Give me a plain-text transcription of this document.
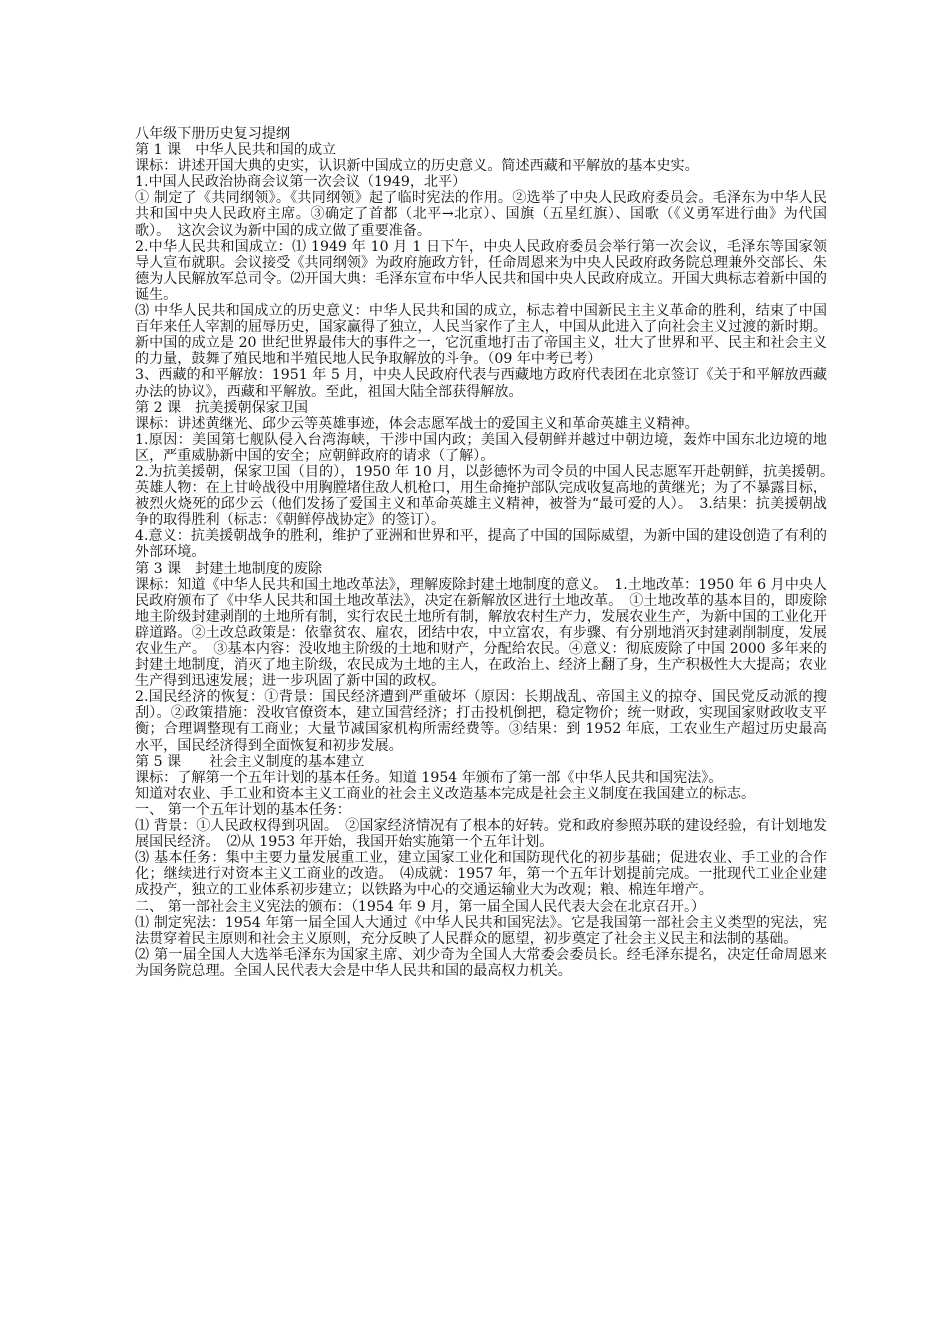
八年级下册历史复习提纲

第 1 课　中华人民共和国的成立

课标：讲述开国大典的史实，认识新中国成立的历史意义。简述西藏和平解放的基本史实。

1.中国人民政治协商会议第一次会议（1949，北平）

① 制定了《共同纲领》。《共同纲领》起了临时宪法的作用。②选举了中央人民政府委员会。毛泽东为中华人民共和国中央人民政府主席。③确定了首都（北平→北京）、国旗（五星红旗）、国歌（《义勇军进行曲》为代国歌）。　这次会议为新中国的成立做了重要准备。

2.中华人民共和国成立：⑴ 1949 年 10 月 1 日下午，中央人民政府委员会举行第一次会议，毛泽东等国家领导人宣布就职。会议接受《共同纲领》为政府施政方针，任命周恩来为中央人民政府政务院总理兼外交部长、朱德为人民解放军总司令。⑵开国大典：毛泽东宣布中华人民共和国中央人民政府成立。开国大典标志着新中国的诞生。

⑶ 中华人民共和国成立的历史意义：中华人民共和国的成立，标志着中国新民主主义革命的胜利，结束了中国百年来任人宰割的屈辱历史，国家赢得了独立，人民当家作了主人，中国从此进入了向社会主义过渡的新时期。新中国的成立是 20 世纪世界最伟大的事件之一，它沉重地打击了帝国主义，壮大了世界和平、民主和社会主义的力量，鼓舞了殖民地和半殖民地人民争取解放的斗争。（09 年中考已考）

3、西藏的和平解放：1951 年 5 月，中央人民政府代表与西藏地方政府代表团在北京签订《关于和平解放西藏办法的协议》，西藏和平解放。至此，祖国大陆全部获得解放。

第 2 课　抗美援朝保家卫国

课标：讲述黄继光、邱少云等英雄事迹，体会志愿军战士的爱国主义和革命英雄主义精神。

1.原因：美国第七舰队侵入台湾海峡，干涉中国内政；美国入侵朝鲜并越过中朝边境，轰炸中国东北边境的地区，严重威胁新中国的安全；应朝鲜政府的请求（了解）。

2.为抗美援朝，保家卫国（目的），1950 年 10 月，以彭德怀为司令员的中国人民志愿军开赴朝鲜，抗美援朝。　英雄人物：在上甘岭战役中用胸膛堵住敌人机枪口，用生命掩护部队完成收复高地的黄继光；为了不暴露目标，被烈火烧死的邱少云（他们发扬了爱国主义和革命英雄主义精神，被誉为“最可爱的人）。　3.结果：抗美援朝战争的取得胜利（标志：《朝鲜停战协定》的签订）。

4.意义：抗美援朝战争的胜利，维护了亚洲和世界和平，提高了中国的国际威望，为新中国的建设创造了有利的外部环境。

第 3 课　封建土地制度的废除

课标：知道《中华人民共和国土地改革法》，理解废除封建土地制度的意义。　1.土地改革：1950 年 6 月中央人民政府颁布了《中华人民共和国土地改革法》，决定在新解放区进行土地改革。　①土地改革的基本目的，即废除地主阶级封建剥削的土地所有制，实行农民土地所有制，解放农村生产力，发展农业生产，为新中国的工业化开辟道路。②土改总政策是：依靠贫农、雇农，团结中农，中立富农，有步骤、有分别地消灭封建剥削制度，发展农业生产。　③基本内容：没收地主阶级的土地和财产，分配给农民。④意义：彻底废除了中国 2000 多年来的封建土地制度，消灭了地主阶级，农民成为土地的主人，在政治上、经济上翻了身，生产积极性大大提高；农业生产得到迅速发展；进一步巩固了新中国的政权。

2.国民经济的恢复：①背景：国民经济遭到严重破坏（原因：长期战乱、帝国主义的掠夺、国民党反动派的搜刮）。②政策措施：没收官僚资本，建立国营经济；打击投机倒把，稳定物价；统一财政，实现国家财政收支平衡；合理调整现有工商业；大量节减国家机构所需经费等。③结果：到 1952 年底，工农业生产超过历史最高水平，国民经济得到全面恢复和初步发展。

第 5 课　　社会主义制度的基本建立

课标：了解第一个五年计划的基本任务。知道 1954 年颁布了第一部《中华人民共和国宪法》。

知道对农业、手工业和资本主义工商业的社会主义改造基本完成是社会主义制度在我国建立的标志。

一、 第一个五年计划的基本任务：

⑴ 背景：①人民政权得到巩固。　②国家经济情况有了根本的好转。党和政府参照苏联的建设经验，有计划地发展国民经济。　⑵从 1953 年开始，我国开始实施第一个五年计划。

⑶ 基本任务：集中主要力量发展重工业，建立国家工业化和国防现代化的初步基础；促进农业、手工业的合作化；继续进行对资本主义工商业的改造。　⑷成就：1957 年，第一个五年计划提前完成。一批现代工业企业建成投产，独立的工业体系初步建立；以铁路为中心的交通运输业大为改观；粮、棉连年增产。

二、 第一部社会主义宪法的颁布：（1954 年 9 月，第一届全国人民代表大会在北京召开。）

⑴ 制定宪法：1954 年第一届全国人大通过《中华人民共和国宪法》。它是我国第一部社会主义类型的宪法，宪法贯穿着民主原则和社会主义原则，充分反映了人民群众的愿望，初步奠定了社会主义民主和法制的基础。

⑵ 第一届全国人大选举毛泽东为国家主席、刘少奇为全国人大常委会委员长。经毛泽东提名，决定任命周恩来为国务院总理。全国人民代表大会是中华人民共和国的最高权力机关。
